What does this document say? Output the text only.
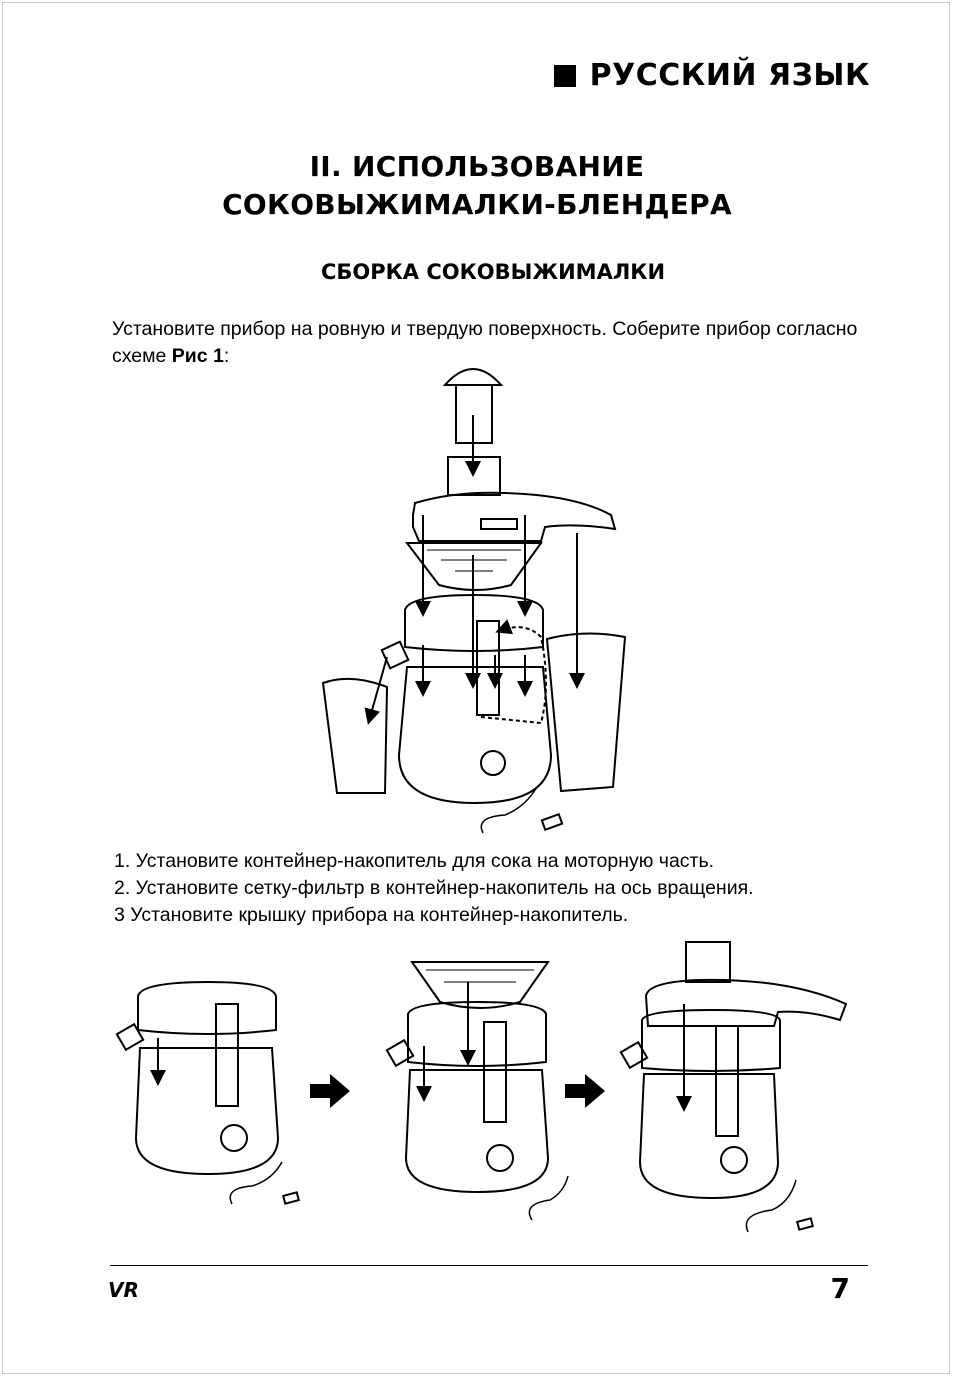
РУССКИЙ ЯЗЫК
II. ИСПОЛЬЗОВАНИЕ
СОКОВЫЖИМАЛКИ-БЛЕНДЕРА
СБОРКА СОКОВЫЖИМАЛКИ
Установите прибор на ровную и твердую поверхность. Соберите прибор согласно схеме Рис 1:
1. Установите контейнер-накопитель для сока на моторную часть.
2. Установите сетку-фильтр в контейнер-накопитель на ось вращения.
3 Установите крышку прибора на контейнер-накопитель.
VR	7
